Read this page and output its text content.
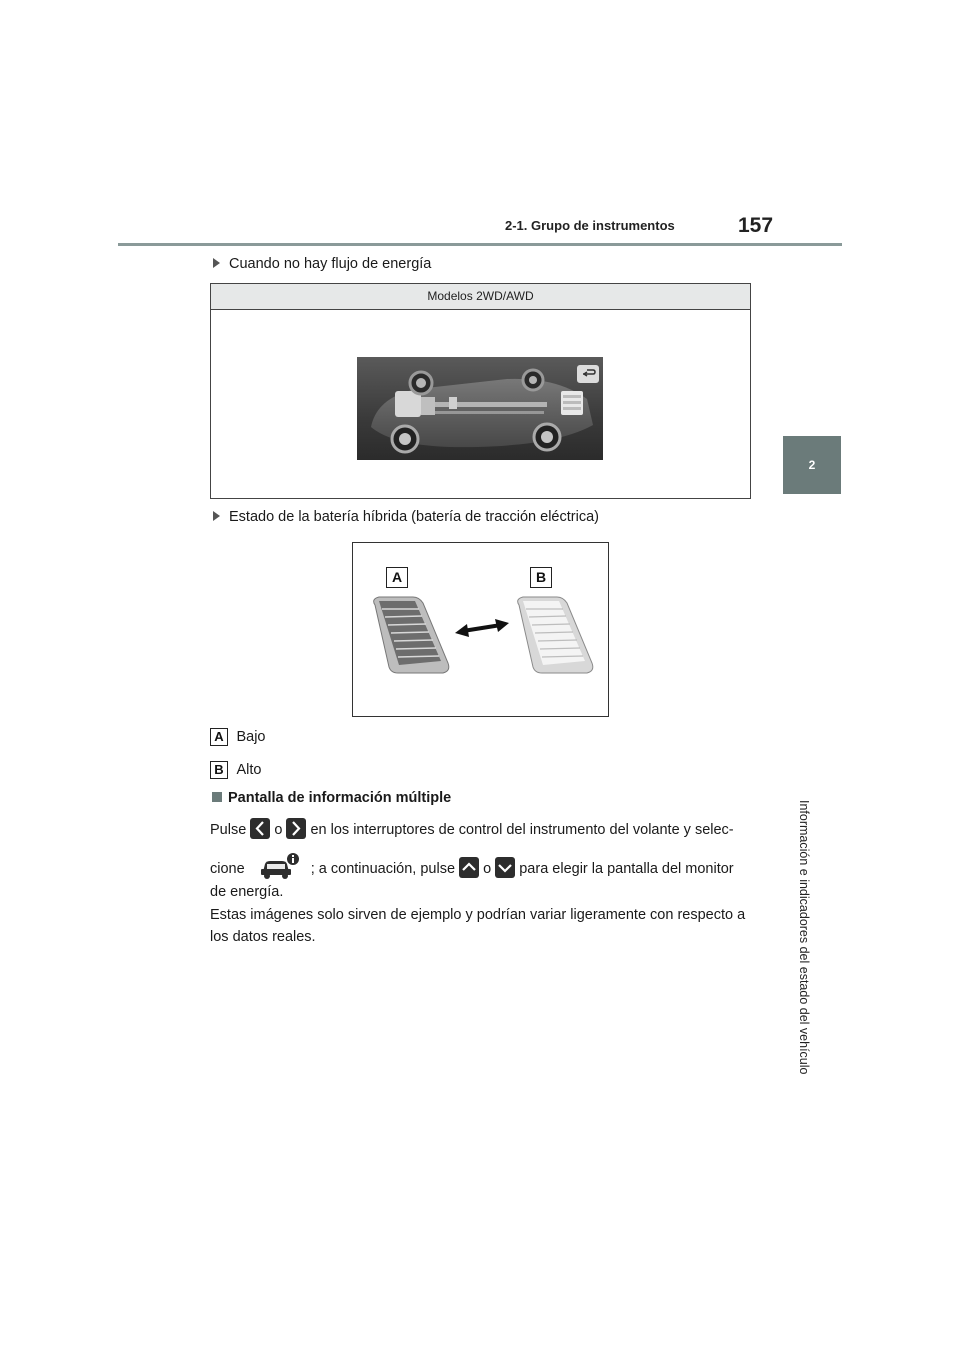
2-1. Grupo de instrumentos	157
2
Información e indicadores del estado del vehículo
Cuando no hay flujo de energía
Modelos 2WD/AWD
Estado de la batería híbrida (batería de tracción eléctrica)
A	B
A Bajo
B Alto
Pantalla de información múltiple
Pulse o en los interruptores de control del instrumento del volante y selec-
cione	; a continuación, pulse o para elegir la pantalla del monitor
de energía.
Estas imágenes solo sirven de ejemplo y podrían variar ligeramente con respecto a los datos reales.
